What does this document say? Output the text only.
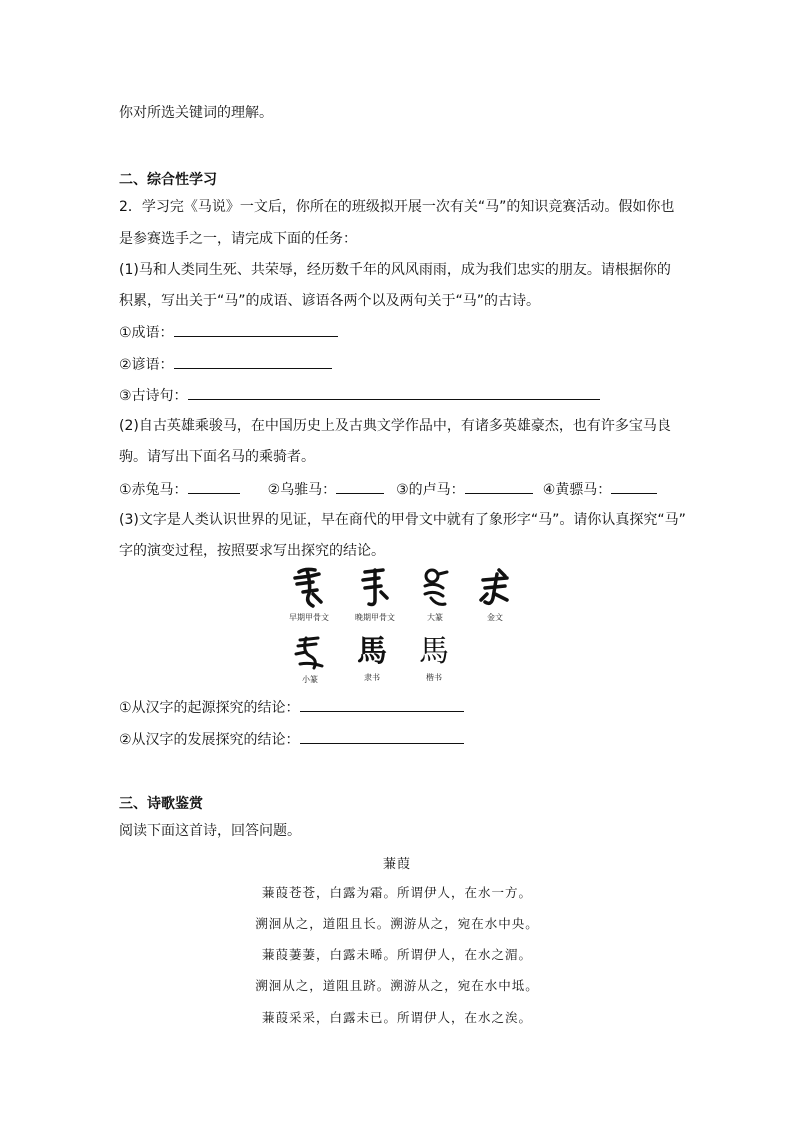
你对所选关键词的理解。
二、综合性学习
2．学习完《马说》一文后，你所在的班级拟开展一次有关“马”的知识竞赛活动。假如你也
是参赛选手之一，请完成下面的任务：
(1)马和人类同生死、共荣辱，经历数千年的风风雨雨，成为我们忠实的朋友。请根据你的
积累，写出关于“马”的成语、谚语各两个以及两句关于“马”的古诗。
①成语：
②谚语：
③古诗句：
(2)自古英雄乘骏马，在中国历史上及古典文学作品中，有诸多英雄豪杰，也有许多宝马良
驹。请写出下面名马的乘骑者。
①赤兔马：	②乌骓马：	③的卢马：	④黄骠马：
(3)文字是人类认识世界的见证，早在商代的甲骨文中就有了象形字“马”。请你认真探究“马”
字的演变过程，按照要求写出探究的结论。
早期甲骨文	晚期甲骨文	大篆	金文
小篆
馬
隶书
馬
楷书
①从汉字的起源探究的结论：
②从汉字的发展探究的结论：
三、诗歌鉴赏
阅读下面这首诗，回答问题。
蒹葭
蒹葭苍苍，白露为霜。所谓伊人，在水一方。
溯洄从之，道阻且长。溯游从之，宛在水中央。
蒹葭萋萋，白露未晞。所谓伊人，在水之湄。
溯洄从之，道阻且跻。溯游从之，宛在水中坻。
蒹葭采采，白露未已。所谓伊人，在水之涘。
